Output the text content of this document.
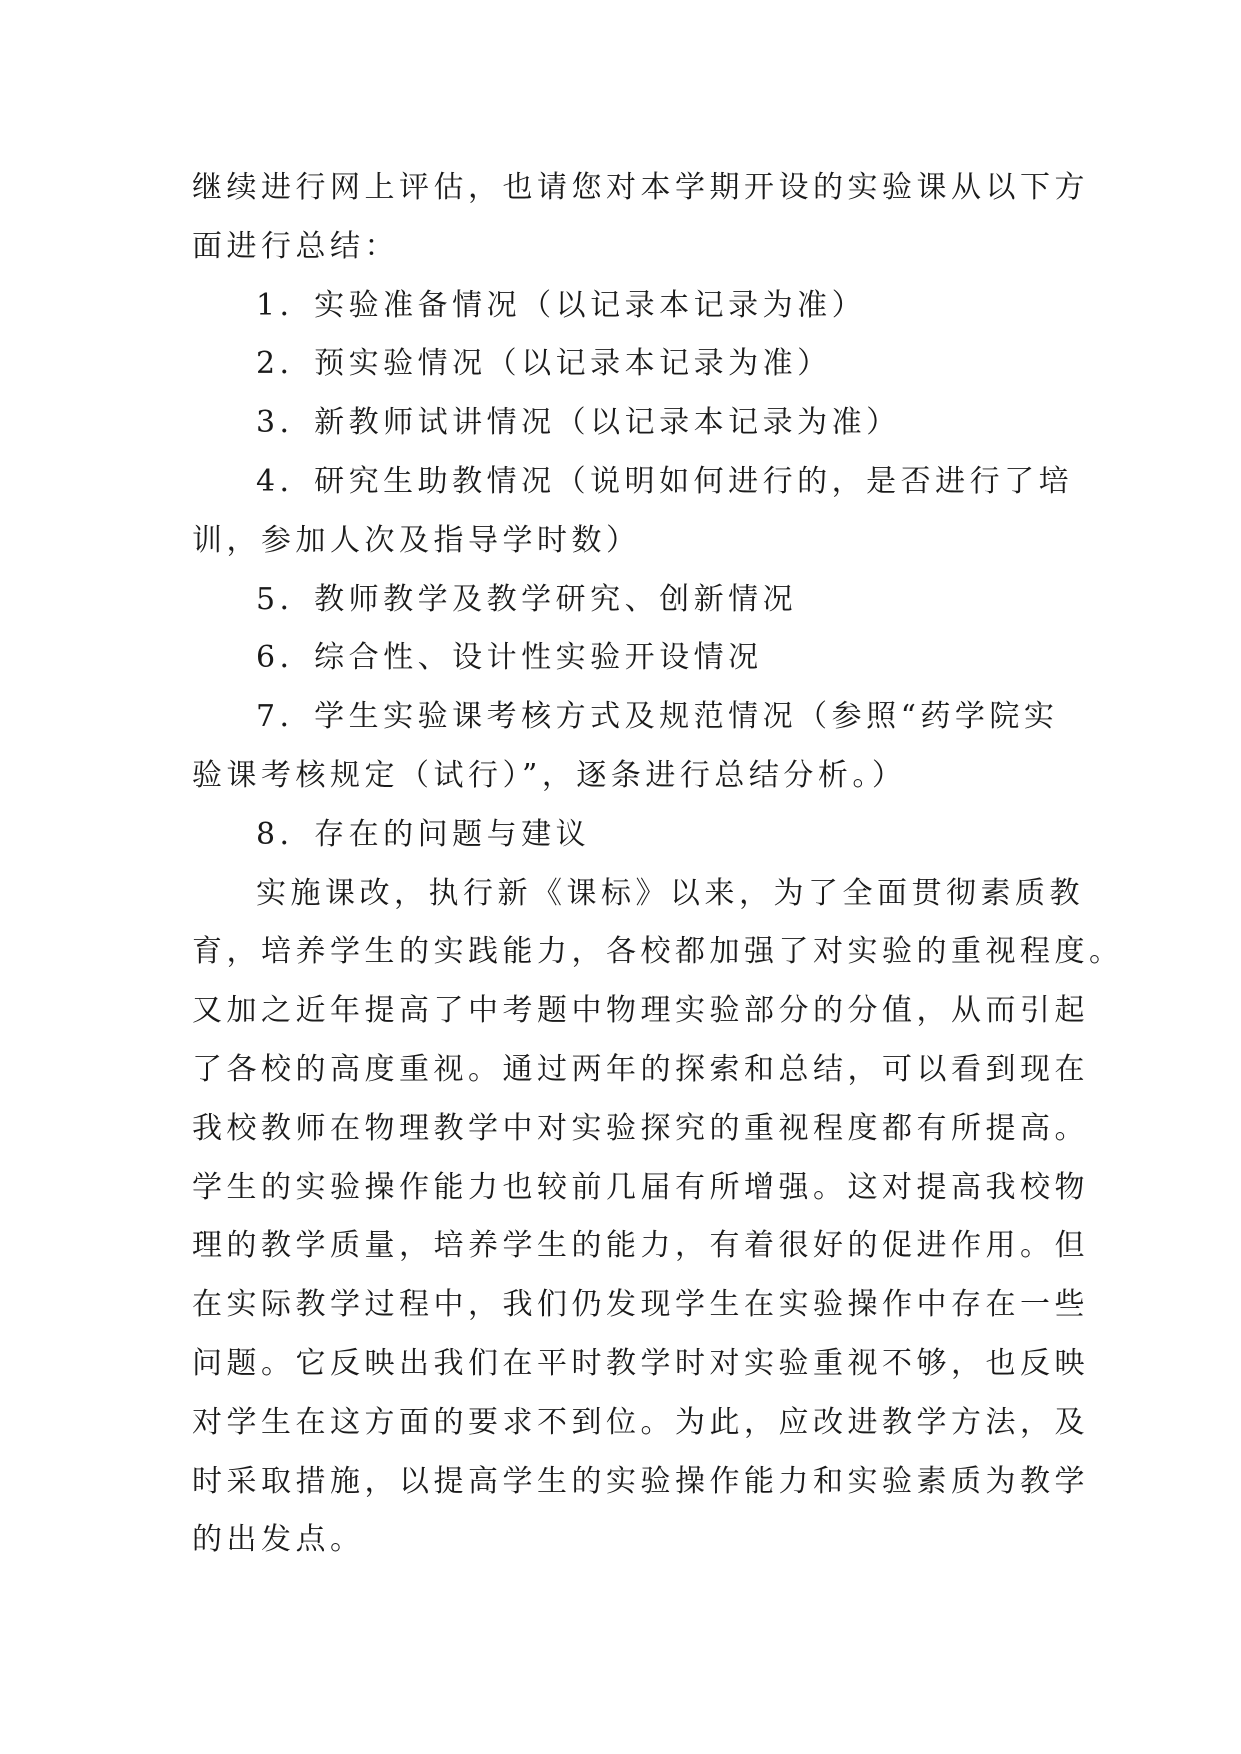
继续进行网上评估，也请您对本学期开设的实验课从以下方
面进行总结：
1．实验准备情况（以记录本记录为准）
2．预实验情况（以记录本记录为准）
3．新教师试讲情况（以记录本记录为准）
4．研究生助教情况（说明如何进行的，是否进行了培
训，参加人次及指导学时数）
5．教师教学及教学研究、创新情况
6．综合性、设计性实验开设情况
7．学生实验课考核方式及规范情况（参照“药学院实
验课考核规定（试行）”，逐条进行总结分析。）
8．存在的问题与建议
实施课改，执行新《课标》以来，为了全面贯彻素质教
育，培养学生的实践能力，各校都加强了对实验的重视程度。
又加之近年提高了中考题中物理实验部分的分值，从而引起
了各校的高度重视。通过两年的探索和总结，可以看到现在
我校教师在物理教学中对实验探究的重视程度都有所提高。
学生的实验操作能力也较前几届有所增强。这对提高我校物
理的教学质量，培养学生的能力，有着很好的促进作用。但
在实际教学过程中，我们仍发现学生在实验操作中存在一些
问题。它反映出我们在平时教学时对实验重视不够，也反映
对学生在这方面的要求不到位。为此，应改进教学方法，及
时采取措施，以提高学生的实验操作能力和实验素质为教学
的出发点。
